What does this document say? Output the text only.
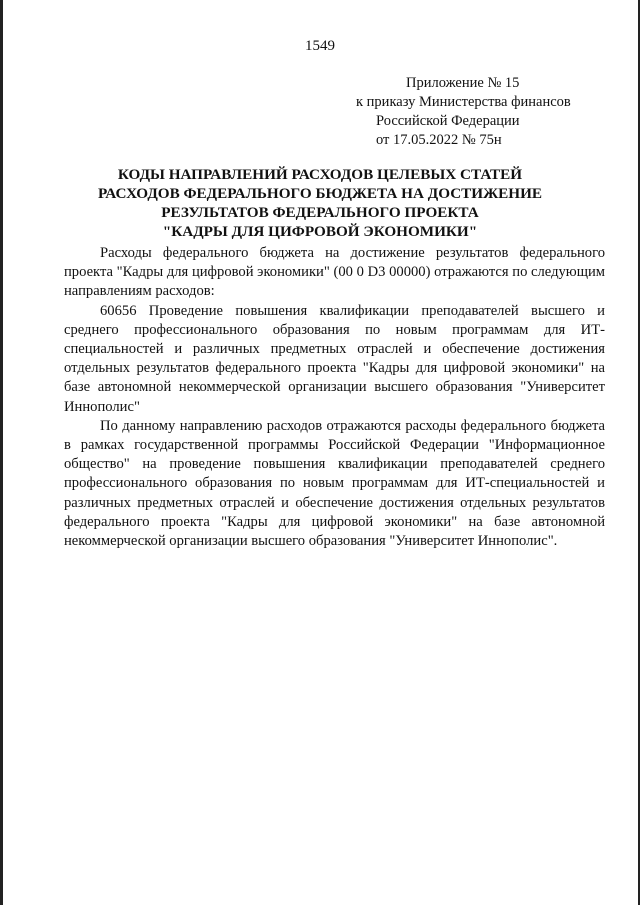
1549
Приложение № 15
к приказу Министерства финансов
Российской Федерации
от 17.05.2022 № 75н
КОДЫ НАПРАВЛЕНИЙ РАСХОДОВ ЦЕЛЕВЫХ СТАТЕЙ
РАСХОДОВ ФЕДЕРАЛЬНОГО БЮДЖЕТА НА ДОСТИЖЕНИЕ
РЕЗУЛЬТАТОВ ФЕДЕРАЛЬНОГО ПРОЕКТА
"КАДРЫ ДЛЯ ЦИФРОВОЙ ЭКОНОМИКИ"

Расходы федерального бюджета на достижение результатов федерального проекта "Кадры для цифровой экономики" (00 0 D3 00000) отражаются по следующим направлениям расходов:

60656 Проведение повышения квалификации преподавателей высшего и среднего профессионального образования по новым программам для ИТ-специальностей и различных предметных отраслей и обеспечение достижения отдельных результатов федерального проекта "Кадры для цифровой экономики" на базе автономной некоммерческой организации высшего образования "Университет Иннополис"

По данному направлению расходов отражаются расходы федерального бюджета в рамках государственной программы Российской Федерации "Информационное общество" на проведение повышения квалификации преподавателей среднего профессионального образования по новым программам для ИТ-специальностей и различных предметных отраслей и обеспечение достижения отдельных результатов федерального проекта "Кадры для цифровой экономики" на базе автономной некоммерческой организации высшего образования "Университет Иннополис".
